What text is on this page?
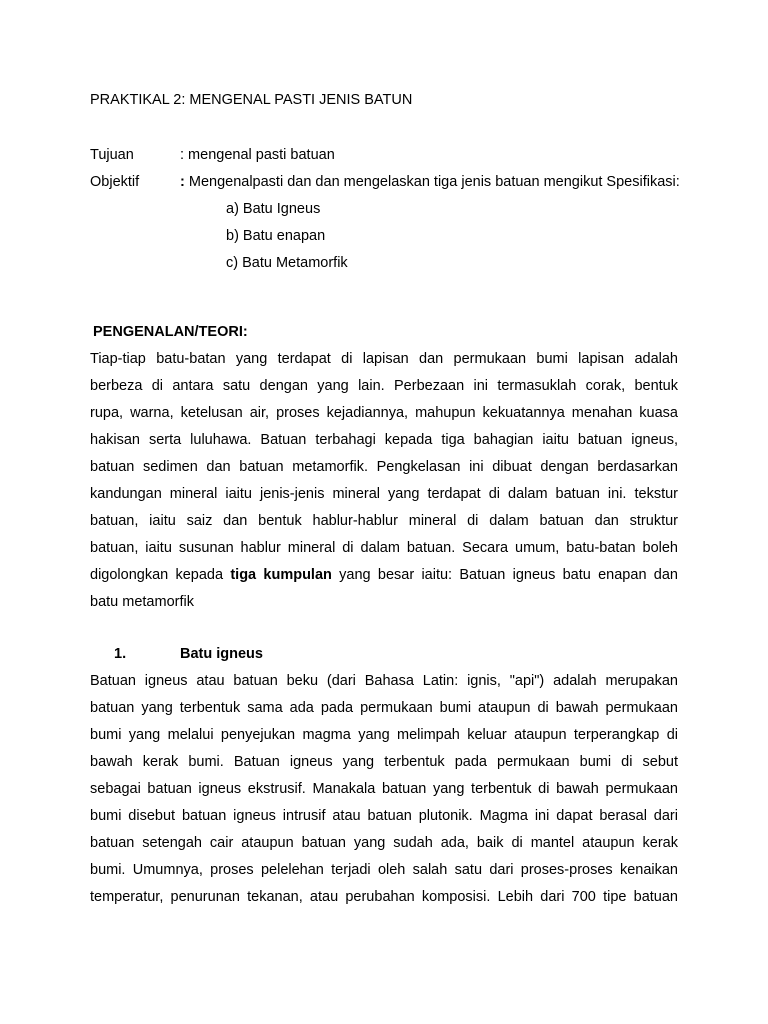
PRAKTIKAL 2: MENGENAL PASTI JENIS BATUN
Tujuan	: mengenal pasti batuan
Objektif	: Mengenalpasti dan dan mengelaskan tiga jenis batuan mengikut Spesifikasi:
a) Batu Igneus
b) Batu enapan
c) Batu Metamorfik
PENGENALAN/TEORI:
Tiap-tiap batu-batan yang terdapat di lapisan dan permukaan bumi lapisan adalah
berbeza di antara satu dengan yang lain. Perbezaan ini termasuklah corak, bentuk
rupa, warna, ketelusan air, proses kejadiannya, mahupun kekuatannya menahan kuasa
hakisan serta luluhawa. Batuan terbahagi kepada tiga bahagian iaitu batuan igneus,
batuan sedimen dan batuan metamorfik. Pengkelasan ini dibuat dengan berdasarkan
kandungan mineral iaitu jenis-jenis mineral yang terdapat di dalam batuan ini. tekstur
batuan, iaitu saiz dan bentuk hablur-hablur mineral di dalam batuan dan struktur
batuan, iaitu susunan hablur mineral di dalam batuan. Secara umum, batu-batan boleh
digolongkan kepada tiga kumpulan yang besar iaitu: Batuan igneus batu enapan dan
batu metamorfik
1.	Batu igneus
Batuan igneus atau batuan beku (dari Bahasa Latin: ignis, "api") adalah merupakan
batuan yang terbentuk sama ada pada permukaan bumi ataupun di bawah permukaan
bumi yang melalui penyejukan magma yang melimpah keluar ataupun terperangkap di
bawah kerak bumi. Batuan igneus yang terbentuk pada permukaan bumi di sebut
sebagai batuan igneus ekstrusif. Manakala batuan yang terbentuk di bawah permukaan
bumi disebut batuan igneus intrusif atau batuan plutonik. Magma ini dapat berasal dari
batuan setengah cair ataupun batuan yang sudah ada, baik di mantel ataupun kerak
bumi. Umumnya, proses pelelehan terjadi oleh salah satu dari proses-proses kenaikan
temperatur, penurunan tekanan, atau perubahan komposisi. Lebih dari 700 tipe batuan
